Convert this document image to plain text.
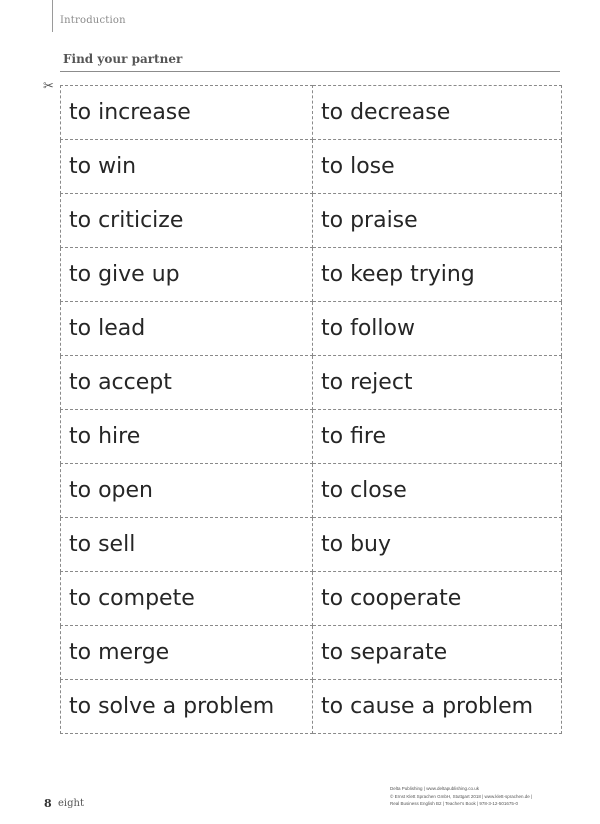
Introduction
Find your partner
✂
to increase	to decrease
to win	to lose
to criticize	to praise
to give up	to keep trying
to lead	to follow
to accept	to reject
to hire	to fire
to open	to close
to sell	to buy
to compete	to cooperate
to merge	to separate
to solve a problem	to cause a problem
8 eight
Delta Publishing | www.deltapublishing.co.uk
© Ernst Klett Sprachen GmbH, Stuttgart 2018 | www.klett-sprachen.de |
Real Business English B2 | Teacher's Book | 978-3-12-501675-0
